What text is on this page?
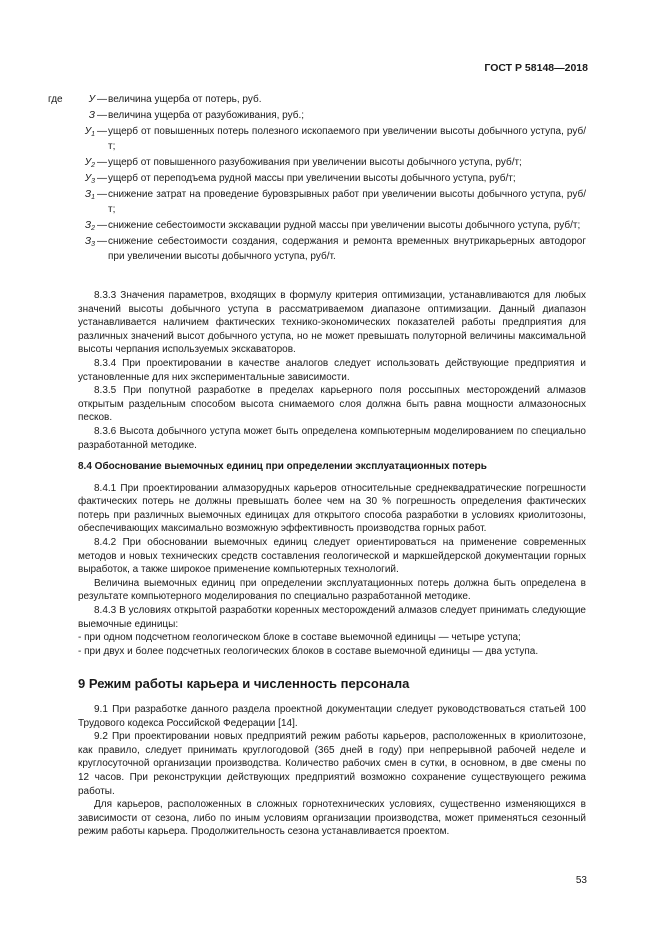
ГОСТ Р 58148—2018
где	У — величина ущерба от потерь, руб.
З — величина ущерба от разубоживания, руб.;
$У_1$ — ущерб от повышенных потерь полезного ископаемого при увеличении высоты добычного уступа, руб/т;
$У_2$ — ущерб от повышенного разубоживания при увеличении высоты добычного уступа, руб/т;
$У_3$ — ущерб от переподъема рудной массы при увеличении высоты добычного уступа, руб/т;
$З_1$ — снижение затрат на проведение буровзрывных работ при увеличении высоты добычного уступа, руб/т;
$З_2$ — снижение себестоимости экскавации рудной массы при увеличении высоты добычного уступа, руб/т;
$З_3$ — снижение себестоимости создания, содержания и ремонта временных внутрикарьерных автодорог при увеличении высоты добычного уступа, руб/т.

8.3.3 Значения параметров, входящих в формулу критерия оптимизации, устанавливаются для любых значений высоты добычного уступа в рассматриваемом диапазоне оптимизации. Данный диапазон устанавливается наличием фактических технико-экономических показателей работы предприятия для различных значений высот добычного уступа, но не может превышать полуторной величины максимальной высоты черпания используемых экскаваторов.

8.3.4 При проектировании в качестве аналогов следует использовать действующие предприятия и установленные для них экспериментальные зависимости.

8.3.5 При попутной разработке в пределах карьерного поля россыпных месторождений алмазов открытым раздельным способом высота снимаемого слоя должна быть равна мощности алмазоносных песков.

8.3.6 Высота добычного уступа может быть определена компьютерным моделированием по специально разработанной методике.

8.4 Обоснование выемочных единиц при определении эксплуатационных потерь

8.4.1 При проектировании алмазорудных карьеров относительные среднеквадратические погрешности фактических потерь не должны превышать более чем на 30 % погрешность определения фактических потерь при различных выемочных единицах для открытого способа разработки в условиях криолитозоны, обеспечивающих максимально возможную эффективность производства горных работ.

8.4.2 При обосновании выемочных единиц следует ориентироваться на применение современных методов и новых технических средств составления геологической и маркшейдерской документации горных выработок, а также широкое применение компьютерных технологий.

Величина выемочных единиц при определении эксплуатационных потерь должна быть определена в результате компьютерного моделирования по специально разработанной методике.

8.4.3 В условиях открытой разработки коренных месторождений алмазов следует принимать следующие выемочные единицы:

- при одном подсчетном геологическом блоке в составе выемочной единицы — четыре уступа;

- при двух и более подсчетных геологических блоков в составе выемочной единицы — два уступа.

9 Режим работы карьера и численность персонала

9.1 При разработке данного раздела проектной документации следует руководствоваться статьей 100 Трудового кодекса Российской Федерации [14].

9.2 При проектировании новых предприятий режим работы карьеров, расположенных в криолитозоне, как правило, следует принимать круглогодовой (365 дней в году) при непрерывной рабочей неделе и круглосуточной организации производства. Количество рабочих смен в сутки, в основном, в две смены по 12 часов. При реконструкции действующих предприятий возможно сохранение существующего режима работы.

Для карьеров, расположенных в сложных горнотехнических условиях, существенно изменяющихся в зависимости от сезона, либо по иным условиям организации производства, может применяться сезонный режим работы карьера. Продолжительность сезона устанавливается проектом.

53
